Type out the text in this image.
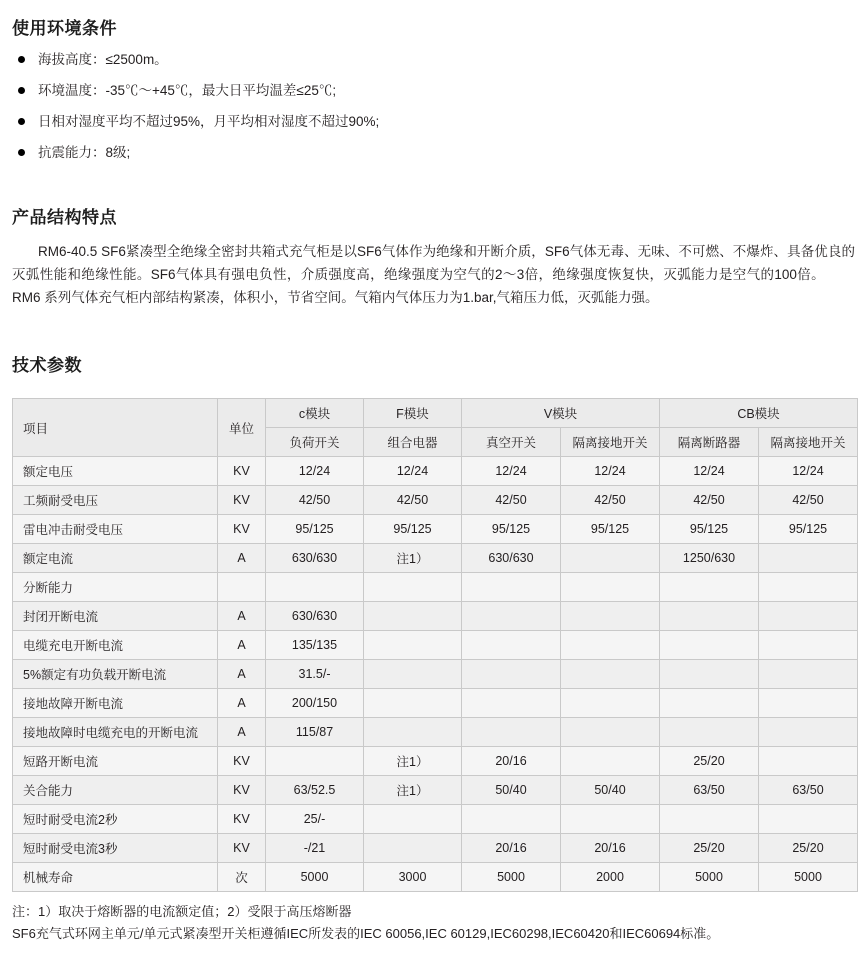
使用环境条件
海拔高度：≤2500m。
环境温度：-35℃～+45℃，最大日平均温差≤25℃;
日相对湿度平均不超过95%，月平均相对湿度不超过90%;
抗震能力：8级;
产品结构特点

RM6‐40.5 SF6紧凑型全绝缘全密封共箱式充气柜是以SF6气体作为绝缘和开断介质，SF6气体无毒、无味、不可燃、不爆炸、具备优良的灭弧性能和绝缘性能。SF6气体具有强电负性，介质强度高，绝缘强度为空气的2～3倍，绝缘强度恢复快，灭弧能力是空气的100倍。RM6 系列气体充气柜内部结构紧凑，体积小，节省空间。气箱内气体压力为1.bar,气箱压力低，灭弧能力强。

技术参数
项目	单位	c模块	F模块	V模块		CB模块	
		负荷开关	组合电器	真空开关	隔离接地开关	隔离断路器	隔离接地开关
额定电压	KV	12/24	12/24	12/24	12/24	12/24	12/24
工频耐受电压	KV	42/50	42/50	42/50	42/50	42/50	42/50
雷电冲击耐受电压	KV	95/125	95/125	95/125	95/125	95/125	95/125
额定电流	A	630/630	注1）	630/630		1250/630	
分断能力							
封闭开断电流	A	630/630					
电缆充电开断电流	A	135/135					
5%额定有功负载开断电流	A	31.5/-					
接地故障开断电流	A	200/150					
接地故障时电缆充电的开断电流	A	115/87					
短路开断电流	KV		注1）	20/16		25/20	
关合能力	KV	63/52.5	注1）	50/40	50/40	63/50	63/50
短时耐受电流2秒	KV	25/-					
短时耐受电流3秒	KV	-/21		20/16	20/16	25/20	25/20
机械寿命	次	5000	3000	5000	2000	5000	5000
注：1）取决于熔断器的电流额定值；2）受限于高压熔断器
SF6充气式环网主单元/单元式紧凑型开关柜遵循IEC所发表的IEC 60056,IEC 60129,IEC60298,IEC60420和IEC60694标准。
